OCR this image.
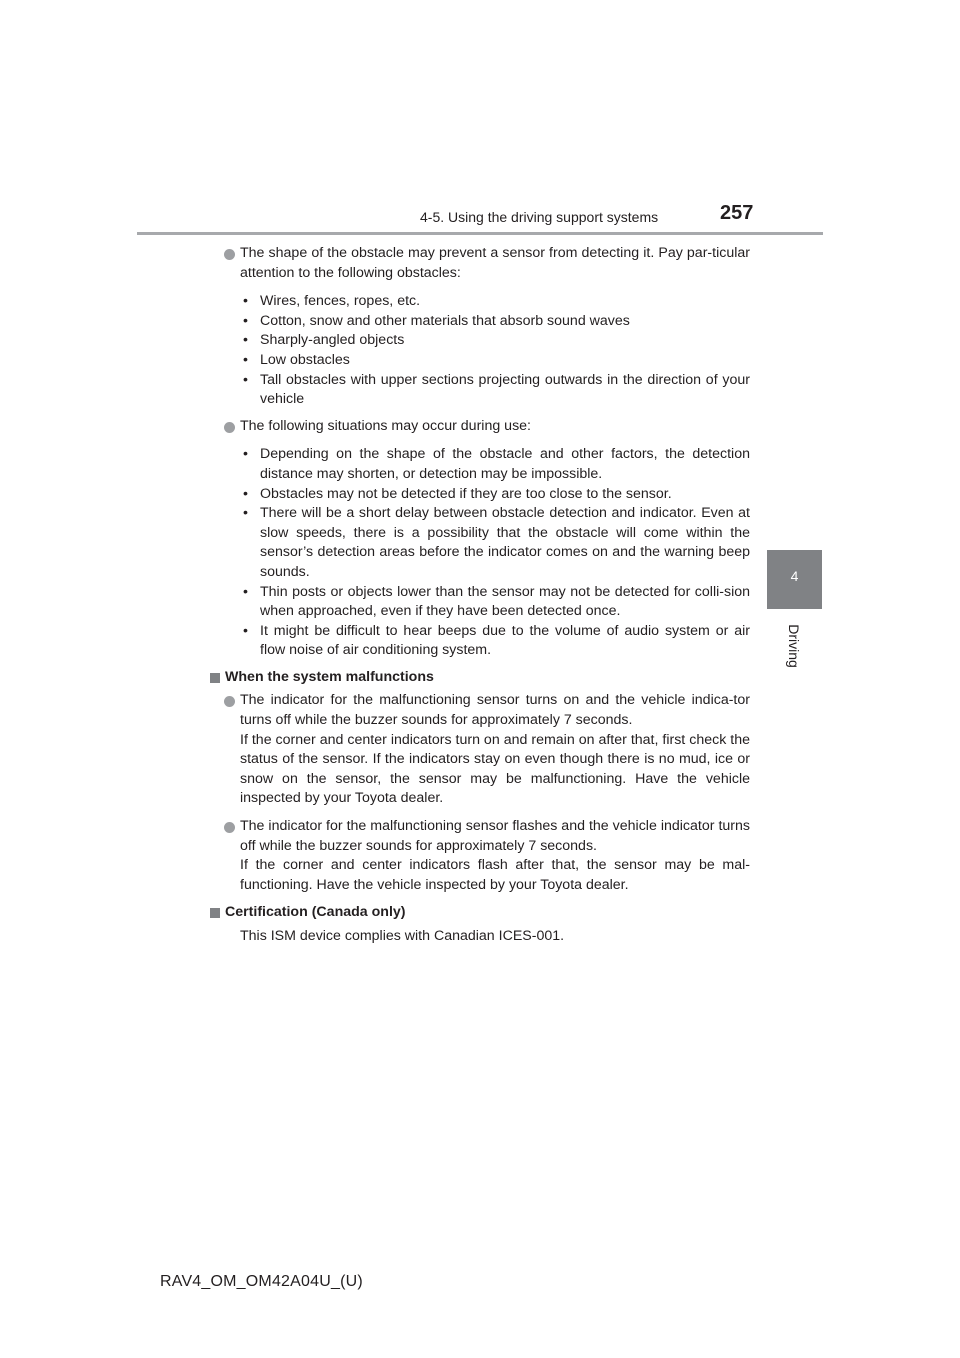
4-5. Using the driving support systems	257
4
Driving

The shape of the obstacle may prevent a sensor from detecting it. Pay par-ticular attention to the following obstacles:

• Wires, fences, ropes, etc.
• Cotton, snow and other materials that absorb sound waves
• Sharply-angled objects
• Low obstacles
• Tall obstacles with upper sections projecting outwards in the direction of your vehicle

The following situations may occur during use:

• Depending on the shape of the obstacle and other factors, the detection distance may shorten, or detection may be impossible.
• Obstacles may not be detected if they are too close to the sensor.
• There will be a short delay between obstacle detection and indicator. Even at slow speeds, there is a possibility that the obstacle will come within the sensor’s detection areas before the indicator comes on and the warning beep sounds.
• Thin posts or objects lower than the sensor may not be detected for colli-sion when approached, even if they have been detected once.
• It might be difficult to hear beeps due to the volume of audio system or air flow noise of air conditioning system.
When the system malfunctions

The indicator for the malfunctioning sensor turns on and the vehicle indica-tor turns off while the buzzer sounds for approximately 7 seconds.

If the corner and center indicators turn on and remain on after that, first check the status of the sensor. If the indicators stay on even though there is no mud, ice or snow on the sensor, the sensor may be malfunctioning. Have the vehicle inspected by your Toyota dealer.

The indicator for the malfunctioning sensor flashes and the vehicle indicator turns off while the buzzer sounds for approximately 7 seconds.

If the corner and center indicators flash after that, the sensor may be mal-functioning. Have the vehicle inspected by your Toyota dealer.

Certification (Canada only)
This ISM device complies with Canadian ICES-001.
RAV4_OM_OM42A04U_(U)
